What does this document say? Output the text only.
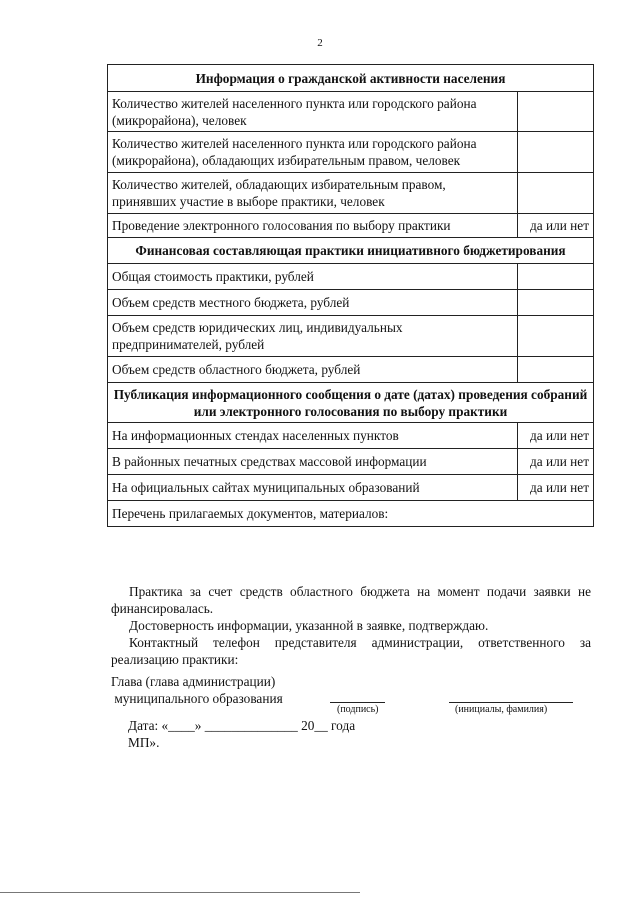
2
Информация о гражданской активности населения	
Количество жителей населенного пункта или городского района (микрорайона), человек	
Количество жителей населенного пункта или городского района (микрорайона), обладающих избирательным правом, человек	
Количество жителей, обладающих избирательным правом, принявших участие в выборе практики, человек	
Проведение электронного голосования по выбору практики	да или нет
Финансовая составляющая практики инициативного бюджетирования	
Общая стоимость практики, рублей	
Объем средств местного бюджета, рублей	
Объем средств юридических лиц, индивидуальных предпринимателей, рублей	
Объем средств областного бюджета, рублей	
Публикация информационного сообщения о дате (датах) проведения собраний или электронного голосования по выбору практики	
На информационных стендах населенных пунктов	да или нет
В районных печатных средствах массовой информации	да или нет
На официальных сайтах муниципальных образований	да или нет
Перечень прилагаемых документов, материалов:	
Практика за счет средств областного бюджета на момент подачи заявки не финансировалась.
Достоверность информации, указанной в заявке, подтверждаю.
Контактный телефон представителя администрации, ответственного за реализацию практики:
Глава (глава администрации)
муниципального образования
(подпись)	(инициалы, фамилия)
Дата: «____» ______________ 20__ года
МП».
